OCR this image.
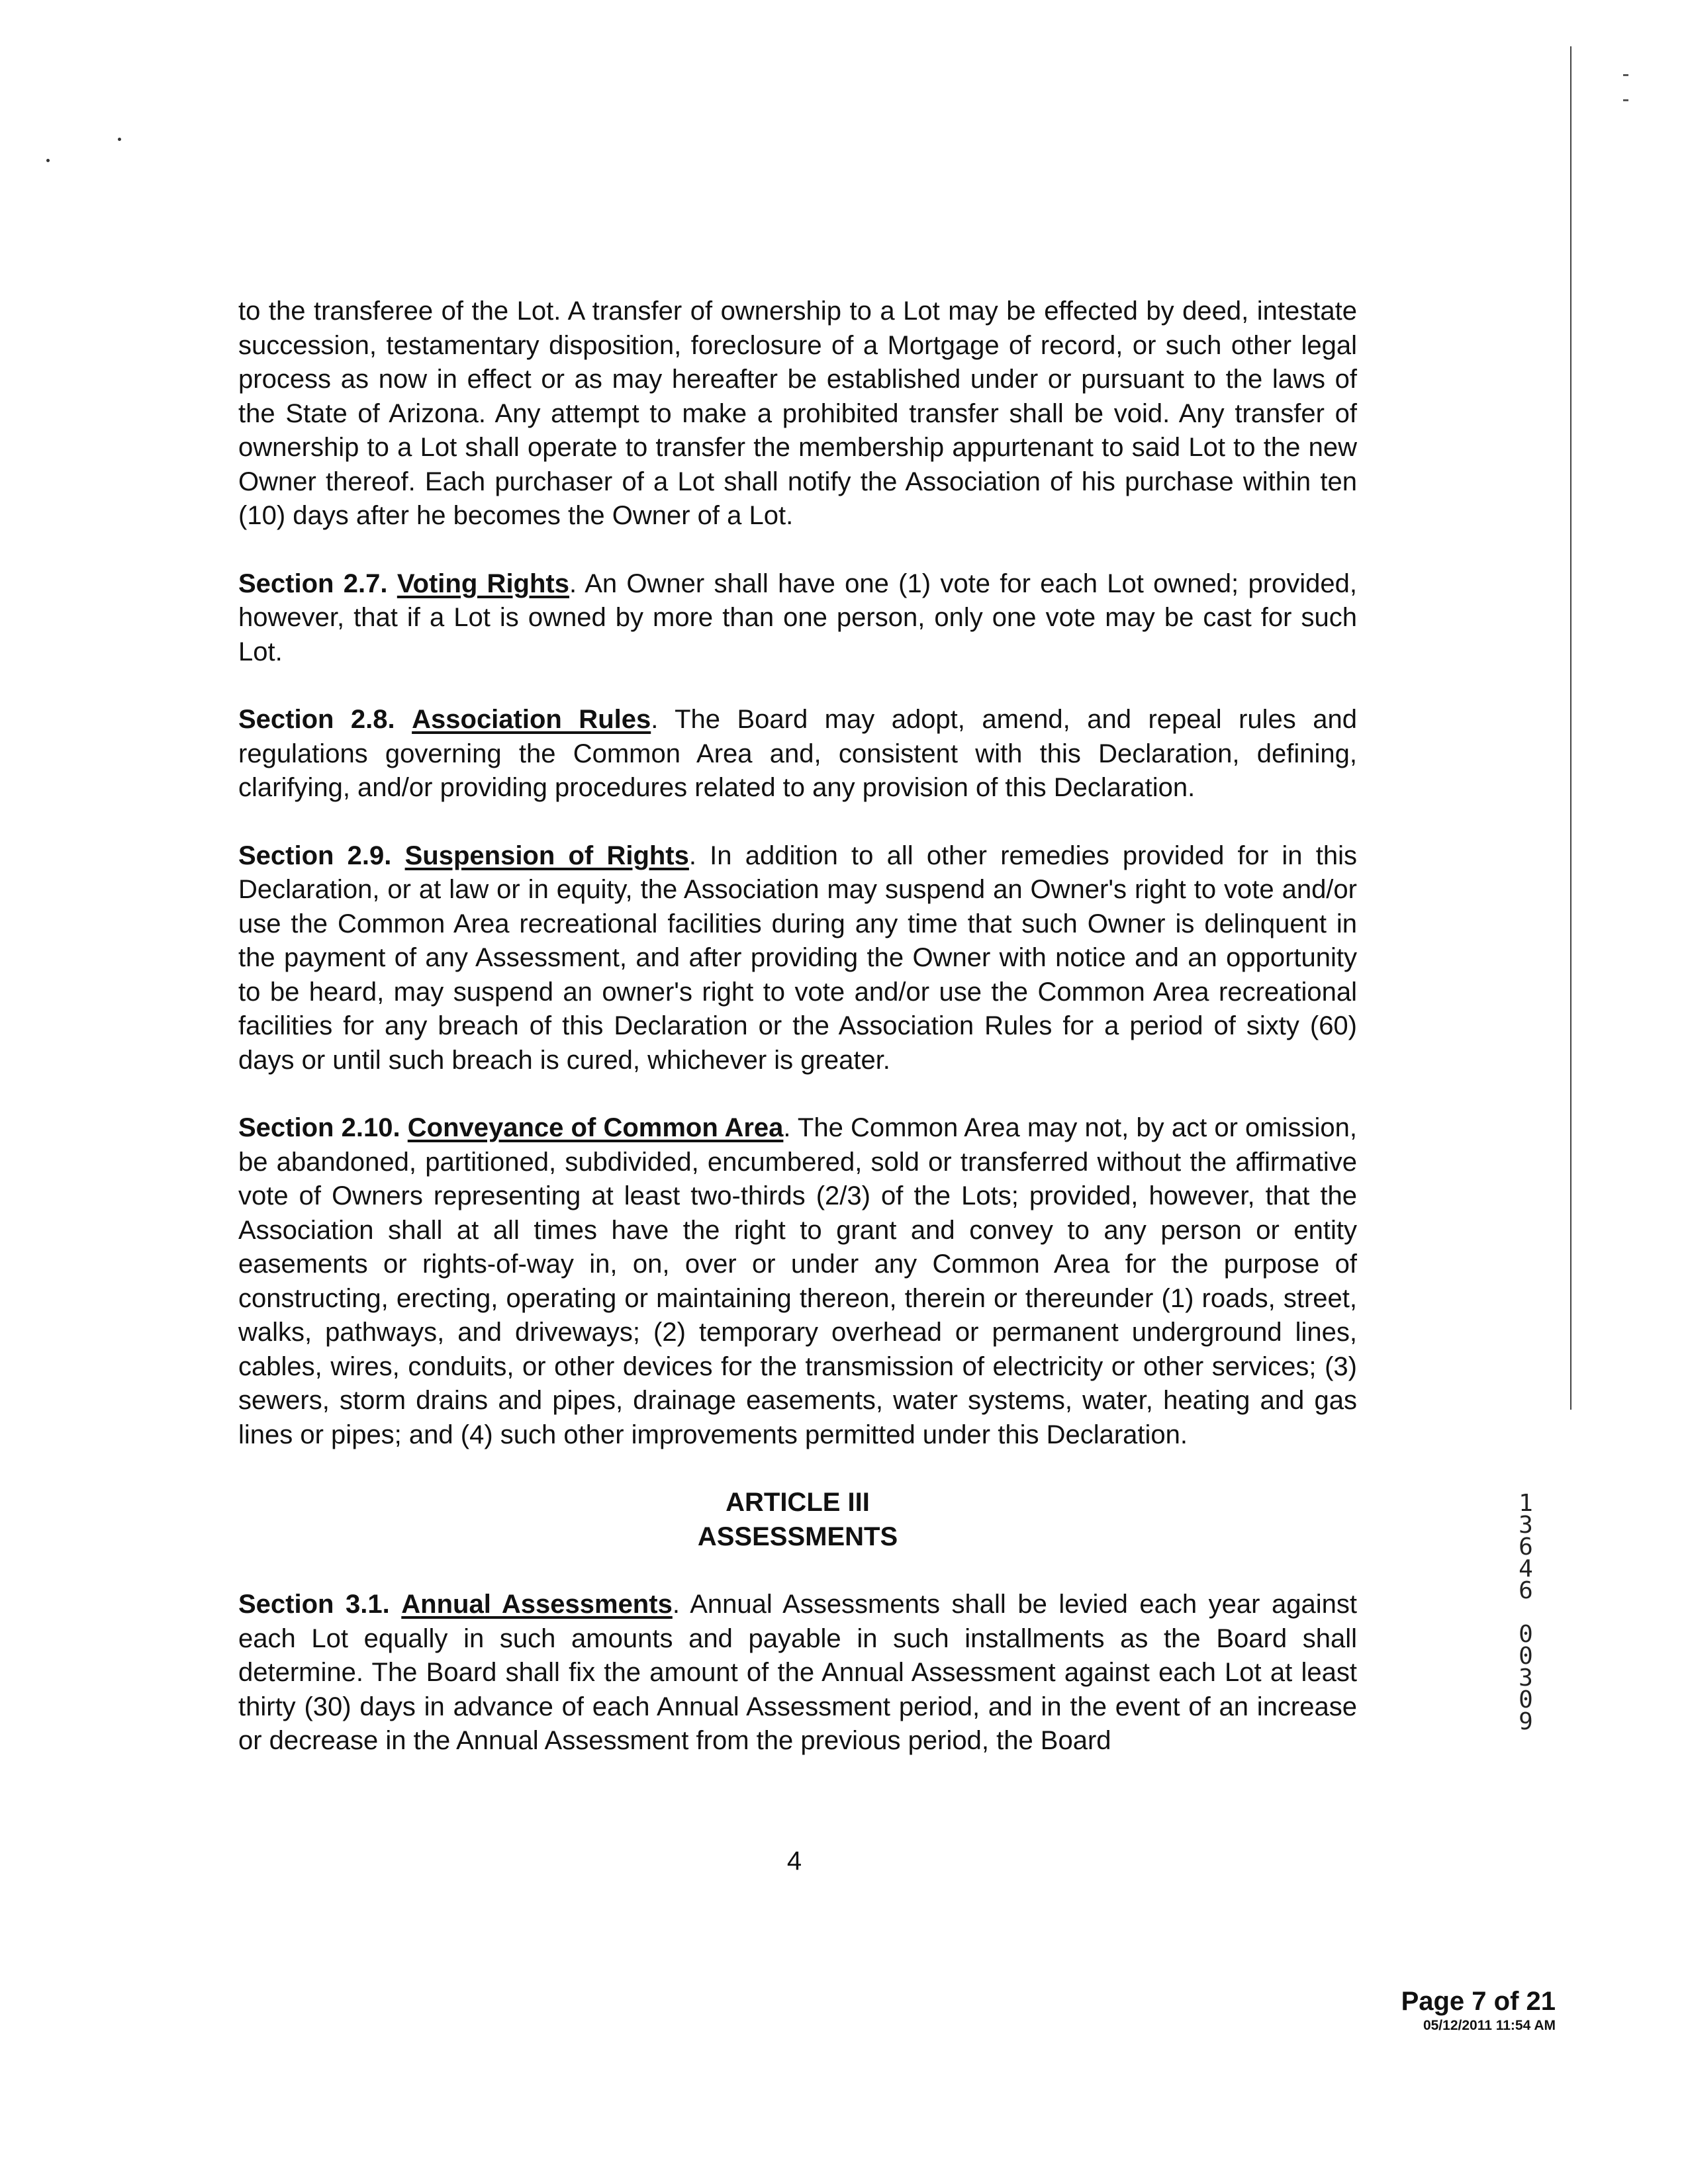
to the transferee of the Lot. A transfer of ownership to a Lot may be effected by deed, intestate succession, testamentary disposition, foreclosure of a Mortgage of record, or such other legal process as now in effect or as may hereafter be established under or pursuant to the laws of the State of Arizona. Any attempt to make a prohibited transfer shall be void. Any transfer of ownership to a Lot shall operate to transfer the membership appurtenant to said Lot to the new Owner thereof. Each purchaser of a Lot shall notify the Association of his purchase within ten (10) days after he becomes the Owner of a Lot.

Section 2.7. Voting Rights. An Owner shall have one (1) vote for each Lot owned; provided, however, that if a Lot is owned by more than one person, only one vote may be cast for such Lot.

Section 2.8. Association Rules. The Board may adopt, amend, and repeal rules and regulations governing the Common Area and, consistent with this Declaration, defining, clarifying, and/or providing procedures related to any provision of this Declaration.

Section 2.9. Suspension of Rights. In addition to all other remedies provided for in this Declaration, or at law or in equity, the Association may suspend an Owner's right to vote and/or use the Common Area recreational facilities during any time that such Owner is delinquent in the payment of any Assessment, and after providing the Owner with notice and an opportunity to be heard, may suspend an owner's right to vote and/or use the Common Area recreational facilities for any breach of this Declaration or the Association Rules for a period of sixty (60) days or until such breach is cured, whichever is greater.

Section 2.10. Conveyance of Common Area. The Common Area may not, by act or omission, be abandoned, partitioned, subdivided, encumbered, sold or transferred without the affirmative vote of Owners representing at least two-thirds (2/3) of the Lots; provided, however, that the Association shall at all times have the right to grant and convey to any person or entity easements or rights-of-way in, on, over or under any Common Area for the purpose of constructing, erecting, operating or maintaining thereon, therein or thereunder (1) roads, street, walks, pathways, and driveways; (2) temporary overhead or permanent underground lines, cables, wires, conduits, or other devices for the transmission of electricity or other services; (3) sewers, storm drains and pipes, drainage easements, water systems, water, heating and gas lines or pipes; and (4) such other improvements permitted under this Declaration.

ARTICLE III
ASSESSMENTS

Section 3.1. Annual Assessments. Annual Assessments shall be levied each year against each Lot equally in such amounts and payable in such installments as the Board shall determine. The Board shall fix the amount of the Annual Assessment against each Lot at least thirty (30) days in advance of each Annual Assessment period, and in the event of an increase or decrease in the Annual Assessment from the previous period, the Board

1
3
6
4
6

0
0
3
0
9
4
Page 7 of 21
05/12/2011 11:54 AM
